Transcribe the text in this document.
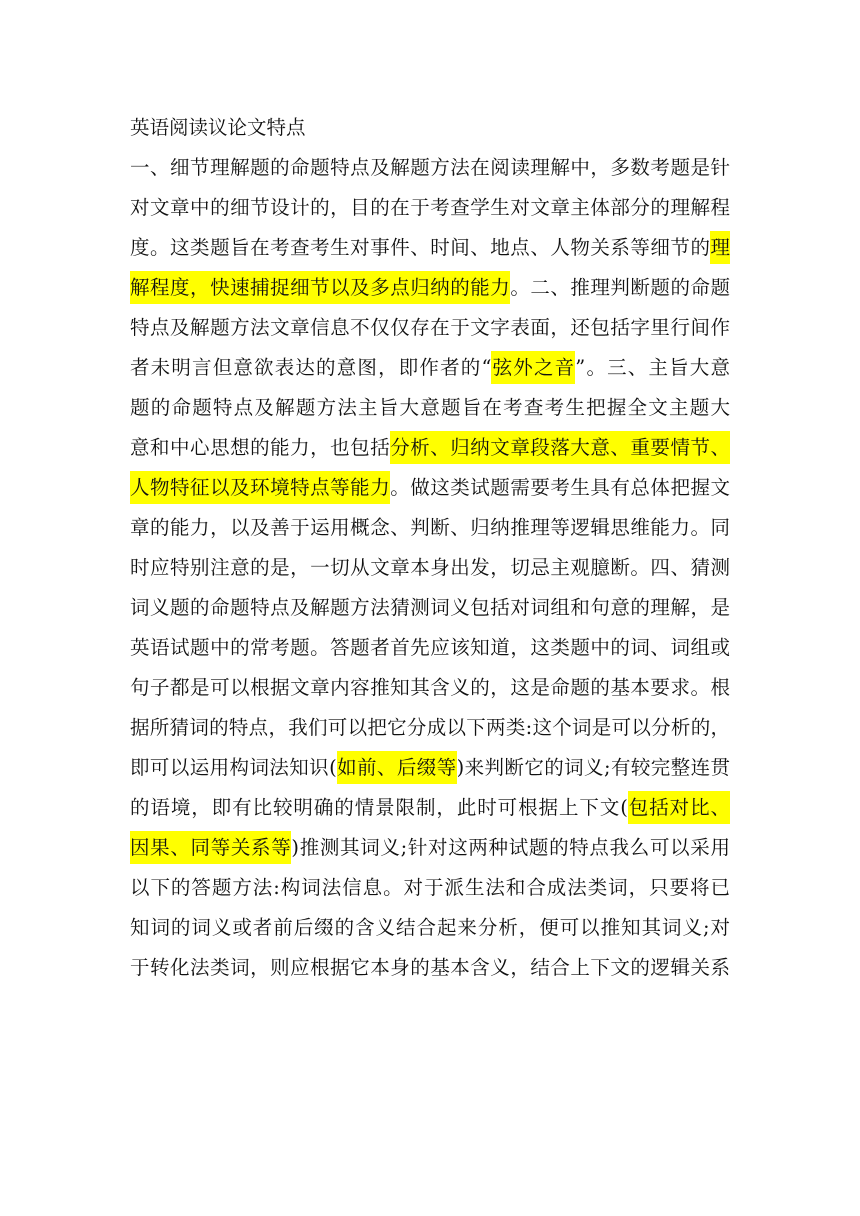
英语阅读议论文特点
一、细节理解题的命题特点及解题方法在阅读理解中，多数考题是针
对文章中的细节设计的，目的在于考查学生对文章主体部分的理解程
度。这类题旨在考查考生对事件、时间、地点、人物关系等细节的理
解程度，快速捕捉细节以及多点归纳的能力。二、推理判断题的命题
特点及解题方法文章信息不仅仅存在于文字表面，还包括字里行间作
者未明言但意欲表达的意图，即作者的“弦外之音”。三、主旨大意
题的命题特点及解题方法主旨大意题旨在考查考生把握全文主题大
意和中心思想的能力，也包括分析、归纳文章段落大意、重要情节、
人物特征以及环境特点等能力。做这类试题需要考生具有总体把握文
章的能力，以及善于运用概念、判断、归纳推理等逻辑思维能力。同
时应特别注意的是，一切从文章本身出发，切忌主观臆断。四、猜测
词义题的命题特点及解题方法猜测词义包括对词组和句意的理解，是
英语试题中的常考题。答题者首先应该知道，这类题中的词、词组或
句子都是可以根据文章内容推知其含义的，这是命题的基本要求。根
据所猜词的特点，我们可以把它分成以下两类:这个词是可以分析的，
即可以运用构词法知识(如前、后缀等)来判断它的词义;有较完整连贯
的语境，即有比较明确的情景限制，此时可根据上下文(包括对比、
因果、同等关系等)推测其词义;针对这两种试题的特点我么可以采用
以下的答题方法:构词法信息。对于派生法和合成法类词，只要将已
知词的词义或者前后缀的含义结合起来分析，便可以推知其词义;对
于转化法类词，则应根据它本身的基本含义，结合上下文的逻辑关系
